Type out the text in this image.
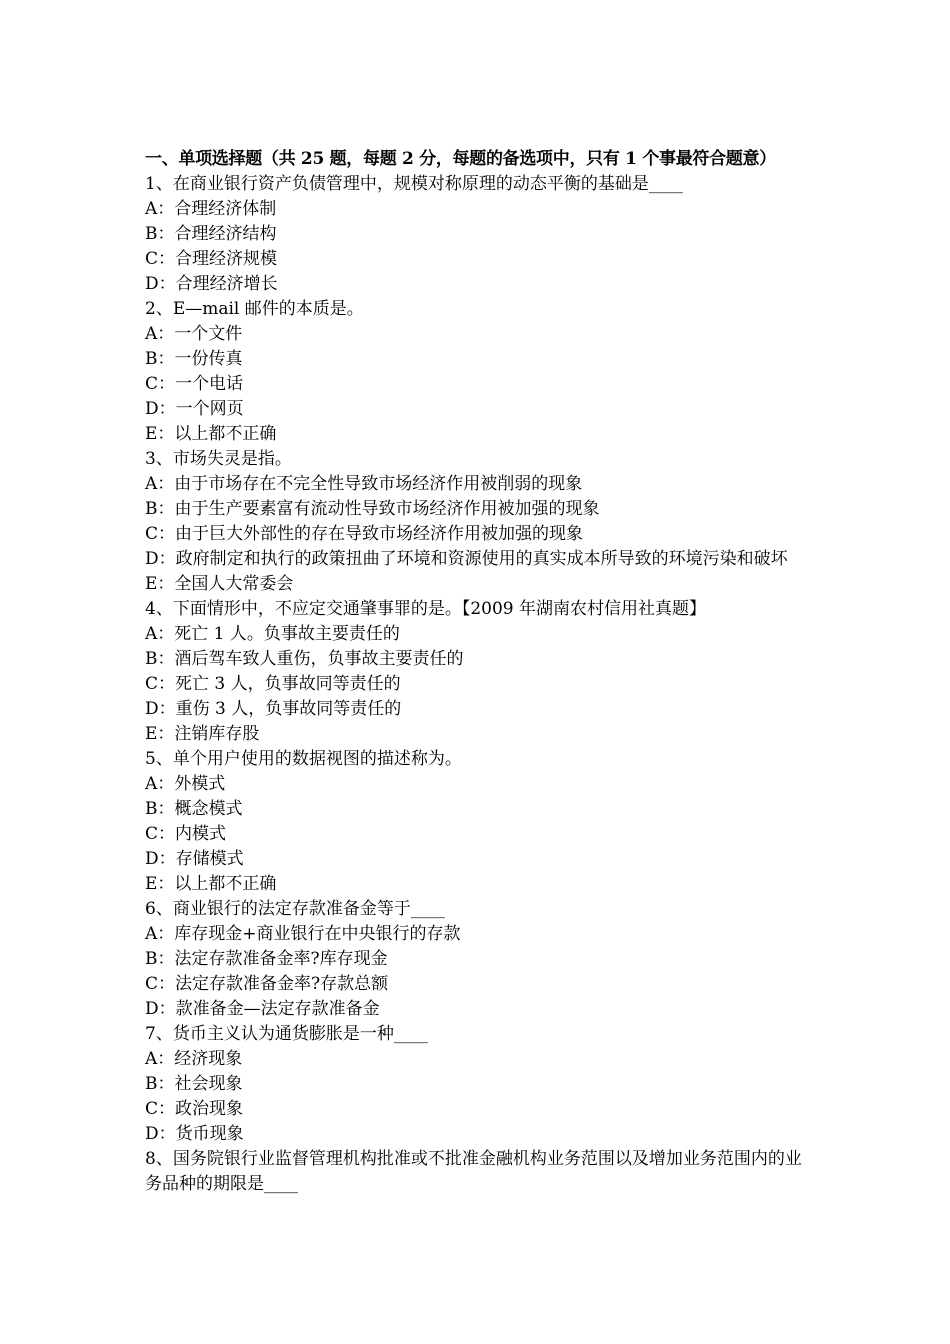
一、单项选择题（共 25 题，每题 2 分，每题的备选项中，只有 1 个事最符合题意）

1、在商业银行资产负债管理中，规模对称原理的动态平衡的基础是____

A：合理经济体制

B：合理经济结构

C：合理经济规模

D：合理经济增长

2、E—mail 邮件的本质是。

A：一个文件

B：一份传真

C：一个电话

D：一个网页

E：以上都不正确

3、市场失灵是指。

A：由于市场存在不完全性导致市场经济作用被削弱的现象

B：由于生产要素富有流动性导致市场经济作用被加强的现象

C：由于巨大外部性的存在导致市场经济作用被加强的现象

D：政府制定和执行的政策扭曲了环境和资源使用的真实成本所导致的环境污染和破坏

E：全国人大常委会

4、下面情形中，不应定交通肇事罪的是。【2009 年湖南农村信用社真题】

A：死亡 1 人。负事故主要责任的

B：酒后驾车致人重伤，负事故主要责任的

C：死亡 3 人，负事故同等责任的

D：重伤 3 人，负事故同等责任的

E：注销库存股

5、单个用户使用的数据视图的描述称为。

A：外模式

B：概念模式

C：内模式

D：存储模式

E：以上都不正确

6、商业银行的法定存款准备金等于____

A：库存现金+商业银行在中央银行的存款

B：法定存款准备金率?库存现金

C：法定存款准备金率?存款总额

D：款准备金—法定存款准备金

7、货币主义认为通货膨胀是一种____

A：经济现象

B：社会现象

C：政治现象

D：货币现象

8、国务院银行业监督管理机构批准或不批准金融机构业务范围以及增加业务范围内的业务品种的期限是____
